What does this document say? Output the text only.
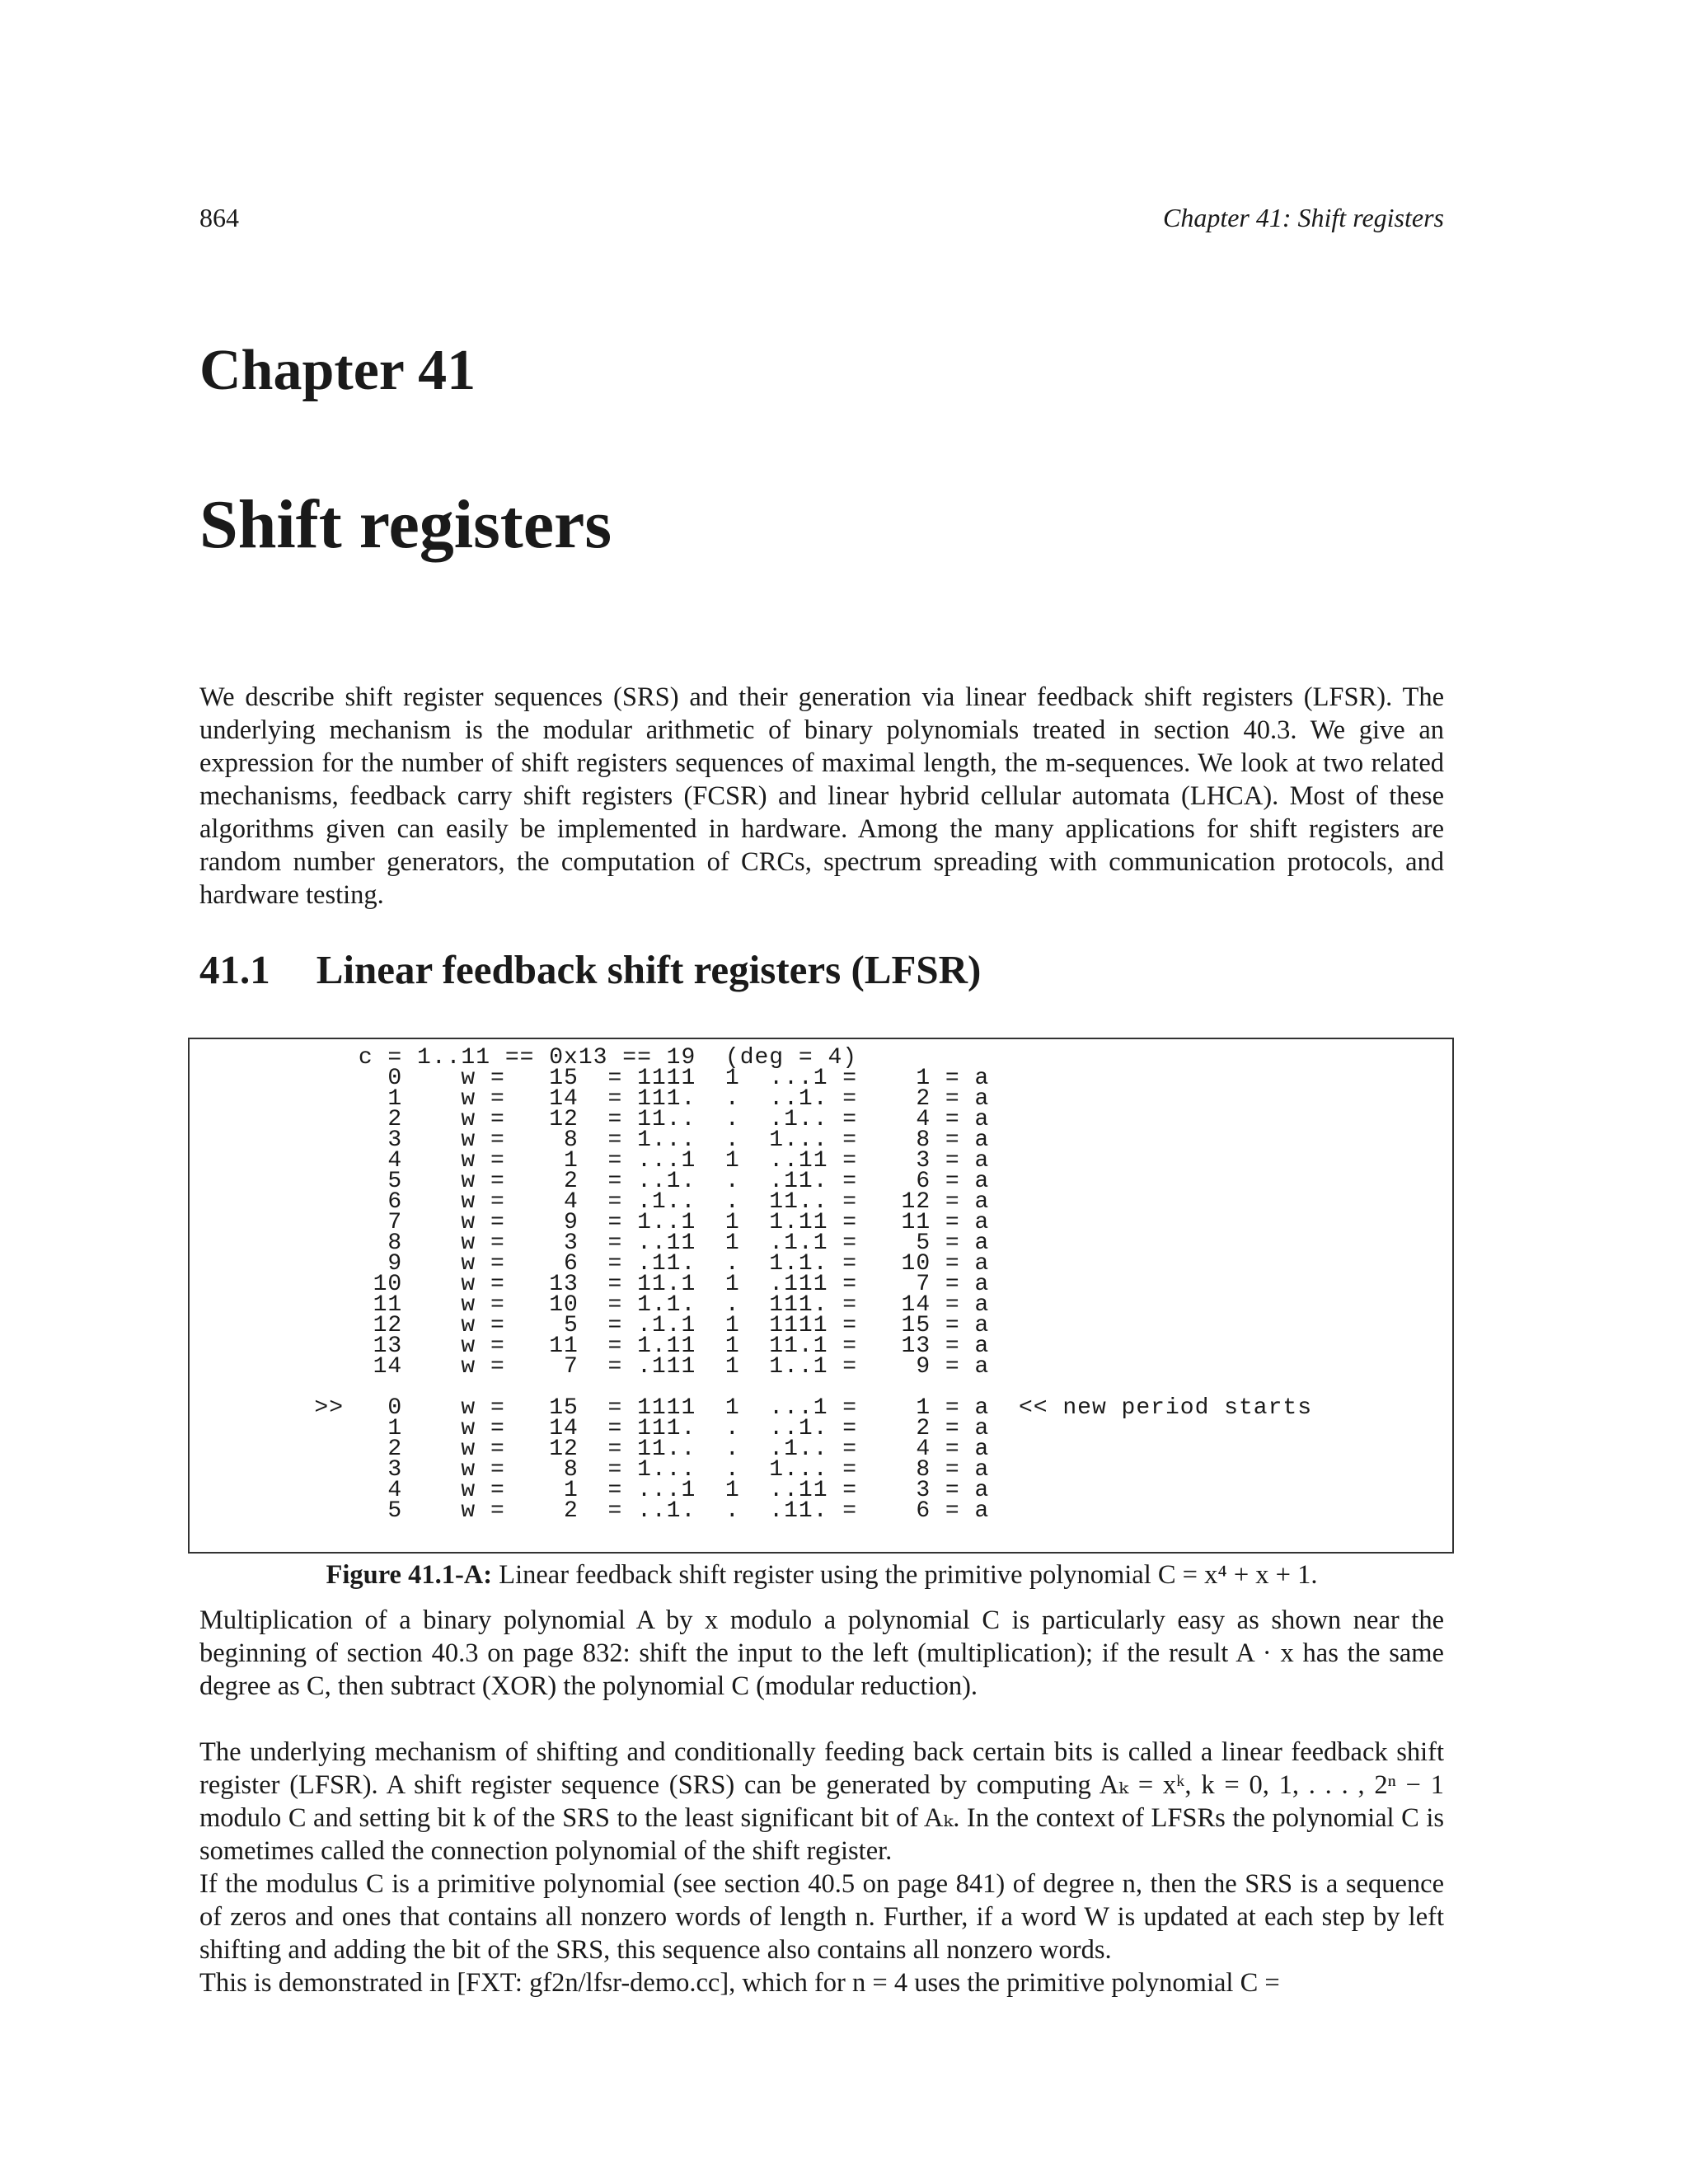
864	Chapter 41: Shift registers
Chapter 41
Shift registers

We describe shift register sequences (SRS) and their generation via linear feedback shift registers (LFSR). The underlying mechanism is the modular arithmetic of binary polynomials treated in section 40.3. We give an expression for the number of shift registers sequences of maximal length, the m-sequences. We look at two related mechanisms, feedback carry shift registers (FCSR) and linear hybrid cellular automata (LHCA). Most of these algorithms given can easily be implemented in hardware. Among the many applications for shift registers are random number generators, the computation of CRCs, spectrum spreading with communication protocols, and hardware testing.

41.1 Linear feedback shift registers (LFSR)
c = 1..11 == 0x13 == 19  (deg = 4)
0    w =   15  = 1111  1  ...1 =    1 = a
1    w =   14  = 111.  .  ..1. =    2 = a
2    w =   12  = 11..  .  .1.. =    4 = a
3    w =    8  = 1...  .  1... =    8 = a
4    w =    1  = ...1  1  ..11 =    3 = a
5    w =    2  = ..1.  .  .11. =    6 = a
6    w =    4  = .1..  .  11.. =   12 = a
7    w =    9  = 1..1  1  1.11 =   11 = a
8    w =    3  = ..11  1  .1.1 =    5 = a
9    w =    6  = .11.  .  1.1. =   10 = a
10    w =   13  = 11.1  1  .111 =    7 = a
11    w =   10  = 1.1.  .  111. =   14 = a
12    w =    5  = .1.1  1  1111 =   15 = a
13    w =   11  = 1.11  1  11.1 =   13 = a
14    w =    7  = .111  1  1..1 =    9 = a

>>   0    w =   15  = 1111  1  ...1 =    1 = a  << new period starts
1    w =   14  = 111.  .  ..1. =    2 = a
2    w =   12  = 11..  .  .1.. =    4 = a
3    w =    8  = 1...  .  1... =    8 = a
4    w =    1  = ...1  1  ..11 =    3 = a
5    w =    2  = ..1.  .  .11. =    6 = a
Figure 41.1-A: Linear feedback shift register using the primitive polynomial C = x⁴ + x + 1.

Multiplication of a binary polynomial A by x modulo a polynomial C is particularly easy as shown near the beginning of section 40.3 on page 832: shift the input to the left (multiplication); if the result A · x has the same degree as C, then subtract (XOR) the polynomial C (modular reduction).

The underlying mechanism of shifting and conditionally feeding back certain bits is called a linear feedback shift register (LFSR). A shift register sequence (SRS) can be generated by computing Aₖ = xᵏ, k = 0, 1, . . . , 2ⁿ − 1 modulo C and setting bit k of the SRS to the least significant bit of Aₖ. In the context of LFSRs the polynomial C is sometimes called the connection polynomial of the shift register.

If the modulus C is a primitive polynomial (see section 40.5 on page 841) of degree n, then the SRS is a sequence of zeros and ones that contains all nonzero words of length n. Further, if a word W is updated at each step by left shifting and adding the bit of the SRS, this sequence also contains all nonzero words.

This is demonstrated in [FXT: gf2n/lfsr-demo.cc], which for n = 4 uses the primitive polynomial C =
